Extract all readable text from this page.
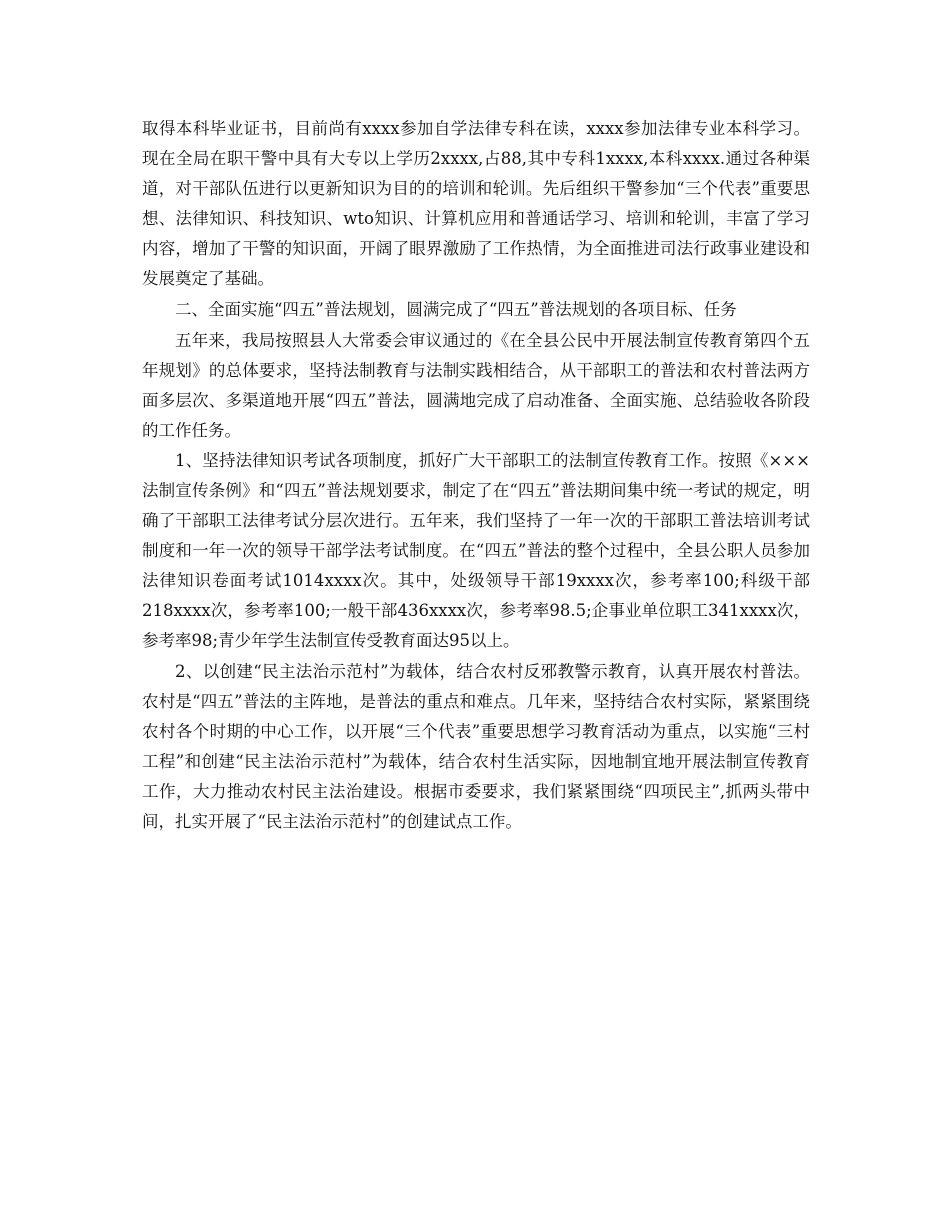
取得本科毕业证书，目前尚有xxxx参加自学法律专科在读，xxxx参加法律专业本科学习。现在全局在职干警中具有大专以上学历2xxxx,占88,其中专科1xxxx,本科xxxx.通过各种渠道，对干部队伍进行以更新知识为目的的培训和轮训。先后组织干警参加“三个代表”重要思想、法律知识、科技知识、wto知识、计算机应用和普通话学习、培训和轮训，丰富了学习内容，增加了干警的知识面，开阔了眼界激励了工作热情，为全面推进司法行政事业建设和发展奠定了基础。

二、全面实施“四五”普法规划，圆满完成了“四五”普法规划的各项目标、任务

五年来，我局按照县人大常委会审议通过的《在全县公民中开展法制宣传教育第四个五年规划》的总体要求，坚持法制教育与法制实践相结合，从干部职工的普法和农村普法两方面多层次、多渠道地开展“四五”普法，圆满地完成了启动准备、全面实施、总结验收各阶段的工作任务。

1、坚持法律知识考试各项制度，抓好广大干部职工的法制宣传教育工作。按照《×××法制宣传条例》和“四五”普法规划要求，制定了在“四五”普法期间集中统一考试的规定，明确了干部职工法律考试分层次进行。五年来，我们坚持了一年一次的干部职工普法培训考试制度和一年一次的领导干部学法考试制度。在“四五”普法的整个过程中，全县公职人员参加法律知识卷面考试1014xxxx次。其中，处级领导干部19xxxx次，参考率100;科级干部218xxxx次，参考率100;一般干部436xxxx次，参考率98.5;企事业单位职工341xxxx次，参考率98;青少年学生法制宣传受教育面达95以上。

2、以创建“民主法治示范村”为载体，结合农村反邪教警示教育，认真开展农村普法。农村是“四五”普法的主阵地，是普法的重点和难点。几年来，坚持结合农村实际，紧紧围绕农村各个时期的中心工作，以开展“三个代表”重要思想学习教育活动为重点，以实施“三村工程”和创建“民主法治示范村”为载体，结合农村生活实际，因地制宜地开展法制宣传教育工作，大力推动农村民主法治建设。根据市委要求，我们紧紧围绕“四项民主”,抓两头带中间，扎实开展了“民主法治示范村”的创建试点工作。
